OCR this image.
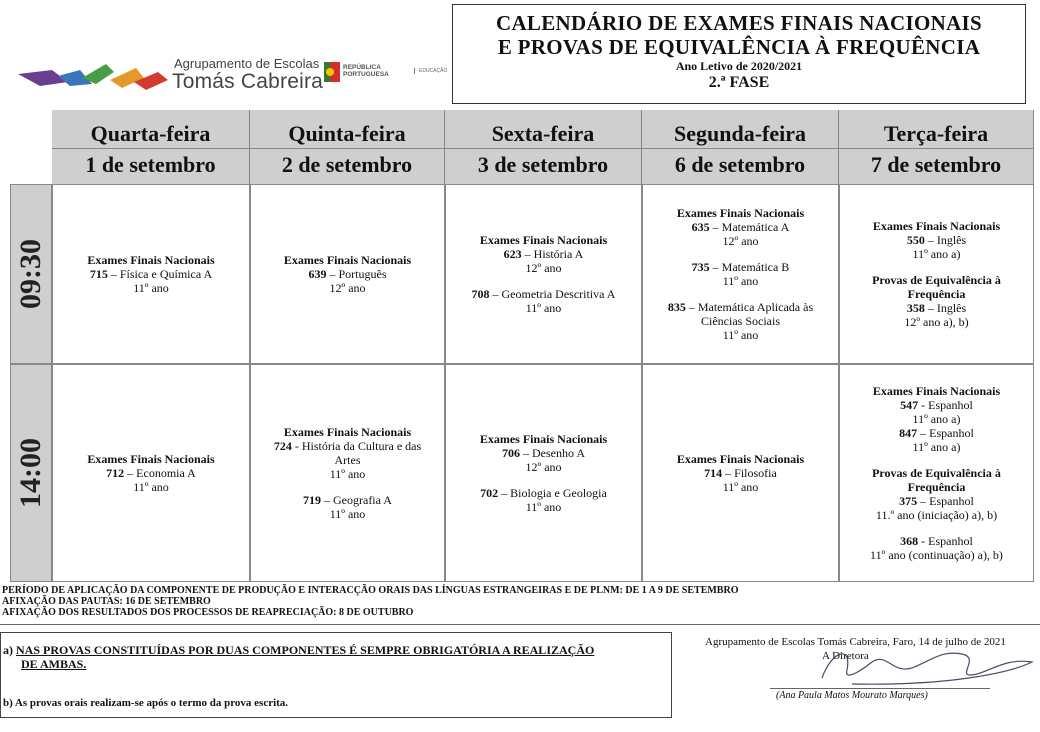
Agrupamento de Escolas
Tomás Cabreira
REPÚBLICA
PORTUGUESA	EDUCAÇÃO
CALENDÁRIO DE EXAMES FINAIS NACIONAIS
E PROVAS DE EQUIVALÊNCIA À FREQUÊNCIA
Ano Letivo de 2020/2021
2.ª FASE
Quarta-feira
1 de setembro
Quinta-feira
2 de setembro
Sexta-feira
3 de setembro
Segunda-feira
6 de setembro
Terça-feira
7 de setembro
09:30
14:00
Exames Finais Nacionais
715 – Física e Química A
11º ano
Exames Finais Nacionais
639 – Português
12º ano
Exames Finais Nacionais
623 – História A
12º ano
708 – Geometria Descritiva A
11º ano
Exames Finais Nacionais
635 – Matemática A
12º ano
735 – Matemática B
11º ano
835 – Matemática Aplicada às
Ciências Sociais
11º ano
Exames Finais Nacionais
550 – Inglês
11º ano a)
Provas de Equivalência à
Frequência
358 – Inglês
12º ano a), b)
Exames Finais Nacionais
712 – Economia A
11º ano
Exames Finais Nacionais
724 - História da Cultura e das
Artes
11º ano
719 – Geografia A
11º ano
Exames Finais Nacionais
706 – Desenho A
12º ano
702 – Biologia e Geologia
11º ano
Exames Finais Nacionais
714 – Filosofia
11º ano
Exames Finais Nacionais
547 - Espanhol
11º ano a)
847 – Espanhol
11º ano a)
Provas de Equivalência à
Frequência
375 – Espanhol
11.º ano (iniciação) a), b)
368 - Espanhol
11º ano (continuação) a), b)
PERÍODO DE APLICAÇÃO DA COMPONENTE DE PRODUÇÃO E INTERACÇÃO ORAIS DAS LÍNGUAS ESTRANGEIRAS E DE PLNM: DE 1 A 9 DE SETEMBRO
AFIXAÇÃO DAS PAUTAS: 16 DE SETEMBRO
AFIXAÇÃO DOS RESULTADOS DOS PROCESSOS DE REAPRECIAÇÃO: 8 DE OUTUBRO
a) NAS PROVAS CONSTITUÍDAS POR DUAS COMPONENTES É SEMPRE OBRIGATÓRIA A REALIZAÇÃO
DE AMBAS.
b) As provas orais realizam-se após o termo da prova escrita.
Agrupamento de Escolas Tomás Cabreira, Faro, 14 de julho de 2021
A Diretora
(Ana Paula Matos Mourato Marques)
